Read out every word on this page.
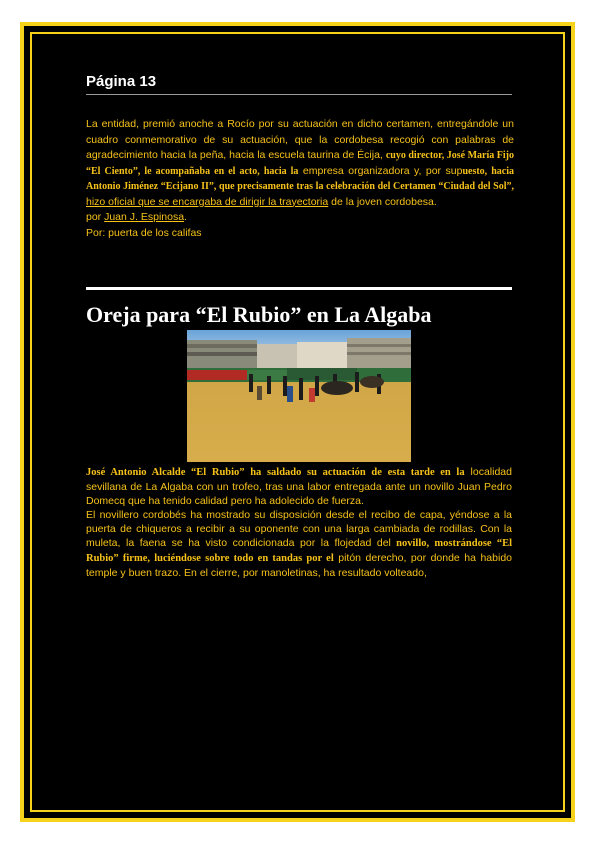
Página 13
La entidad, premió anoche a Rocío por su actuación en dicho certamen, entregándole un cuadro conmemorativo de su actuación, que la cordobesa recogió con palabras de agradecimiento hacia la peña, hacia la escuela taurina de Écija, cuyo director, José María Fijo “El Ciento”, le acompañaba en el acto, hacia la empresa organizadora y, por supuesto, hacia Antonio Jiménez “Ecijano II”, que precisamente tras la celebración del Certamen “Ciudad del Sol”, hizo oficial que se encargaba de dirigir la trayectoria de la joven cordobesa.
por Juan J. Espinosa.
Por: puerta de los califas
Oreja para “El Rubio” en La Algaba

José Antonio Alcalde “El Rubio” ha saldado su actuación de esta tarde en la localidad sevillana de La Algaba con un trofeo, tras una labor entregada ante un novillo Juan Pedro Domecq que ha tenido calidad pero ha adolecido de fuerza.

El novillero cordobés ha mostrado su disposición desde el recibo de capa, yéndose a la puerta de chiqueros a recibir a su oponente con una larga cambiada de rodillas. Con la muleta, la faena se ha visto condicionada por la flojedad del novillo, mostrándose “El Rubio” firme, luciéndose sobre todo en tandas por el pitón derecho, por donde ha habido temple y buen trazo. En el cierre, por manoletinas, ha resultado volteado,
